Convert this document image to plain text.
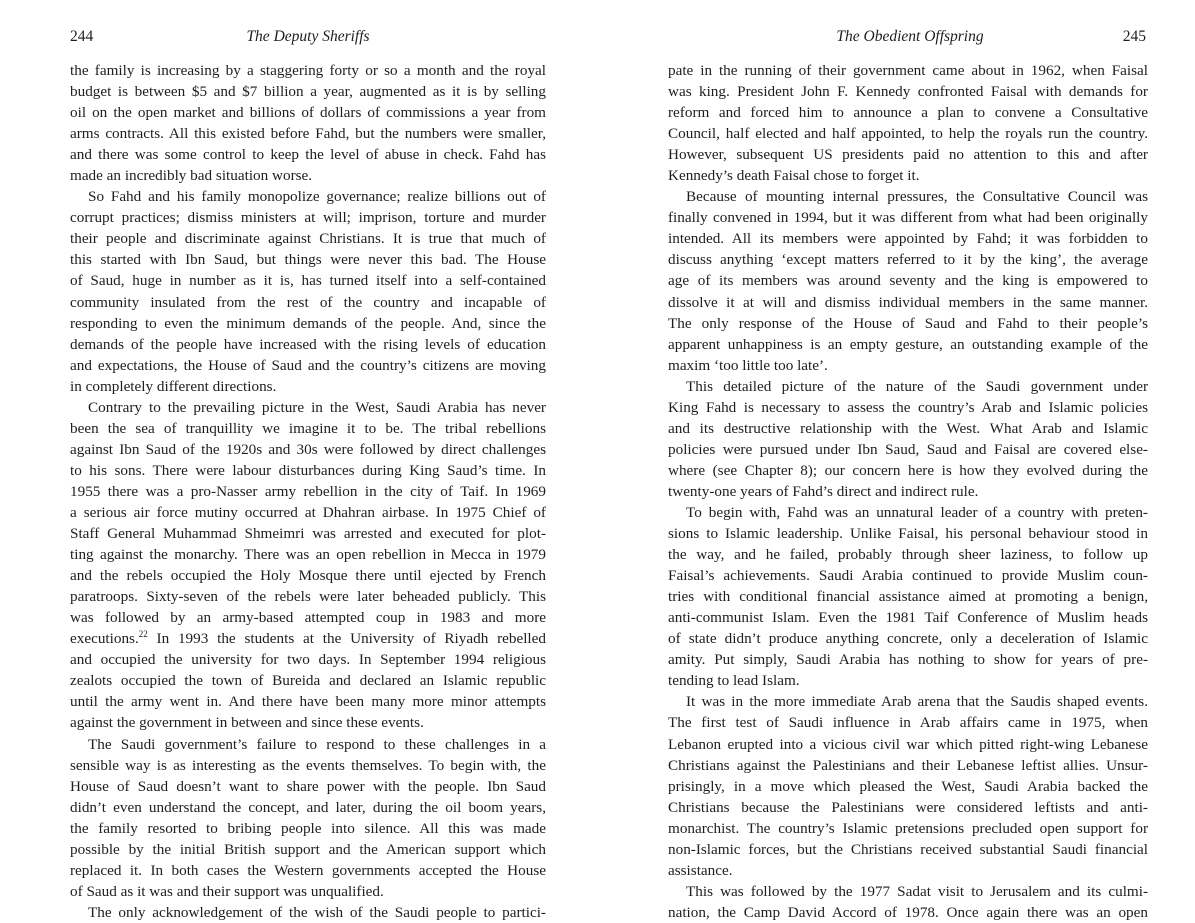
244	The Deputy Sheriffs
the family is increasing by a staggering forty or so a month and the royal
budget is between $5 and $7 billion a year, augmented as it is by selling
oil on the open market and billions of dollars of commissions a year from
arms contracts. All this existed before Fahd, but the numbers were smaller,
and there was some control to keep the level of abuse in check. Fahd has
made an incredibly bad situation worse.
So Fahd and his family monopolize governance; realize billions out of
corrupt practices; dismiss ministers at will; imprison, torture and murder
their people and discriminate against Christians. It is true that much of
this started with Ibn Saud, but things were never this bad. The House
of Saud, huge in number as it is, has turned itself into a self-contained
community insulated from the rest of the country and incapable of
responding to even the minimum demands of the people. And, since the
demands of the people have increased with the rising levels of education
and expectations, the House of Saud and the country’s citizens are moving
in completely different directions.
Contrary to the prevailing picture in the West, Saudi Arabia has never
been the sea of tranquillity we imagine it to be. The tribal rebellions
against Ibn Saud of the 1920s and 30s were followed by direct challenges
to his sons. There were labour disturbances during King Saud’s time. In
1955 there was a pro-Nasser army rebellion in the city of Taif. In 1969
a serious air force mutiny occurred at Dhahran airbase. In 1975 Chief of
Staff General Muhammad Shmeimri was arrested and executed for plot-
ting against the monarchy. There was an open rebellion in Mecca in 1979
and the rebels occupied the Holy Mosque there until ejected by French
paratroops. Sixty-seven of the rebels were later beheaded publicly. This
was followed by an army-based attempted coup in 1983 and more
executions.$^{22}$ In 1993 the students at the University of Riyadh rebelled
and occupied the university for two days. In September 1994 religious
zealots occupied the town of Bureida and declared an Islamic republic
until the army went in. And there have been many more minor attempts
against the government in between and since these events.
The Saudi government’s failure to respond to these challenges in a
sensible way is as interesting as the events themselves. To begin with, the
House of Saud doesn’t want to share power with the people. Ibn Saud
didn’t even understand the concept, and later, during the oil boom years,
the family resorted to bribing people into silence. All this was made
possible by the initial British support and the American support which
replaced it. In both cases the Western governments accepted the House
of Saud as it was and their support was unqualified.
The only acknowledgement of the wish of the Saudi people to partici-
The Obedient Offspring	245
pate in the running of their government came about in 1962, when Faisal
was king. President John F. Kennedy confronted Faisal with demands for
reform and forced him to announce a plan to convene a Consultative
Council, half elected and half appointed, to help the royals run the country.
However, subsequent US presidents paid no attention to this and after
Kennedy’s death Faisal chose to forget it.
Because of mounting internal pressures, the Consultative Council was
finally convened in 1994, but it was different from what had been originally
intended. All its members were appointed by Fahd; it was forbidden to
discuss anything ‘except matters referred to it by the king’, the average
age of its members was around seventy and the king is empowered to
dissolve it at will and dismiss individual members in the same manner.
The only response of the House of Saud and Fahd to their people’s
apparent unhappiness is an empty gesture, an outstanding example of the
maxim ‘too little too late’.
This detailed picture of the nature of the Saudi government under
King Fahd is necessary to assess the country’s Arab and Islamic policies
and its destructive relationship with the West. What Arab and Islamic
policies were pursued under Ibn Saud, Saud and Faisal are covered else-
where (see Chapter 8); our concern here is how they evolved during the
twenty-one years of Fahd’s direct and indirect rule.
To begin with, Fahd was an unnatural leader of a country with preten-
sions to Islamic leadership. Unlike Faisal, his personal behaviour stood in
the way, and he failed, probably through sheer laziness, to follow up
Faisal’s achievements. Saudi Arabia continued to provide Muslim coun-
tries with conditional financial assistance aimed at promoting a benign,
anti-communist Islam. Even the 1981 Taif Conference of Muslim heads
of state didn’t produce anything concrete, only a deceleration of Islamic
amity. Put simply, Saudi Arabia has nothing to show for years of pre-
tending to lead Islam.
It was in the more immediate Arab arena that the Saudis shaped events.
The first test of Saudi influence in Arab affairs came in 1975, when
Lebanon erupted into a vicious civil war which pitted right-wing Lebanese
Christians against the Palestinians and their Lebanese leftist allies. Unsur-
prisingly, in a move which pleased the West, Saudi Arabia backed the
Christians because the Palestinians were considered leftists and anti-
monarchist. The country’s Islamic pretensions precluded open support for
non-Islamic forces, but the Christians received substantial Saudi financial
assistance.
This was followed by the 1977 Sadat visit to Jerusalem and its culmi-
nation, the Camp David Accord of 1978. Once again there was an open
